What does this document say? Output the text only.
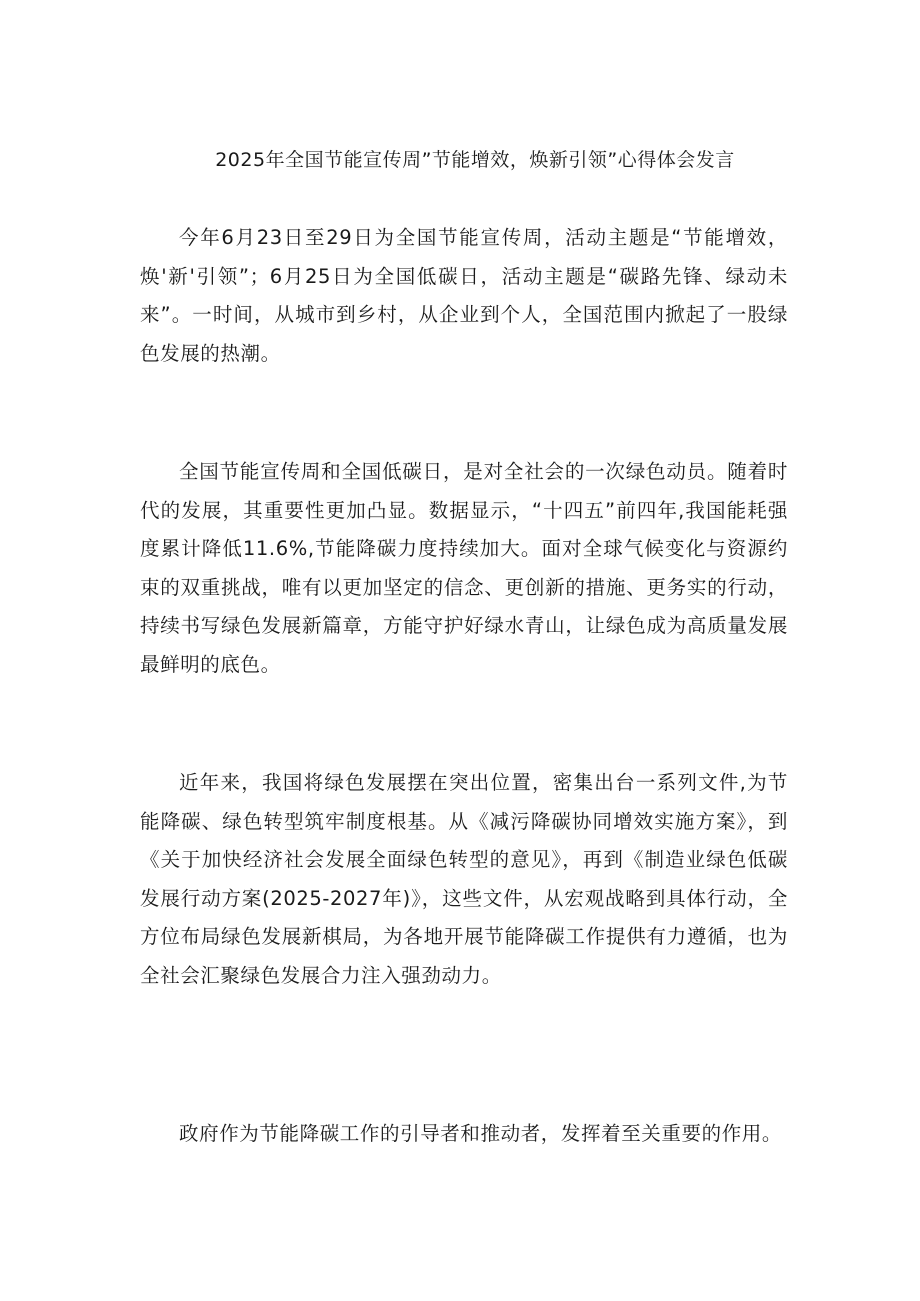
2025年全国节能宣传周”节能增效，焕新引领”心得体会发言

今年6月23日至29日为全国节能宣传周，活动主题是“节能增效，焕'新'引领”；6月25日为全国低碳日，活动主题是“碳路先锋、绿动未来”。一时间，从城市到乡村，从企业到个人，全国范围内掀起了一股绿色发展的热潮。

全国节能宣传周和全国低碳日，是对全社会的一次绿色动员。随着时代的发展，其重要性更加凸显。数据显示，“十四五”前四年,我国能耗强度累计降低11.6%,节能降碳力度持续加大。面对全球气候变化与资源约束的双重挑战，唯有以更加坚定的信念、更创新的措施、更务实的行动，持续书写绿色发展新篇章，方能守护好绿水青山，让绿色成为高质量发展最鲜明的底色。

近年来，我国将绿色发展摆在突出位置，密集出台一系列文件,为节能降碳、绿色转型筑牢制度根基。从《减污降碳协同增效实施方案》，到《关于加快经济社会发展全面绿色转型的意见》，再到《制造业绿色低碳发展行动方案(2025-2027年)》，这些文件，从宏观战略到具体行动，全方位布局绿色发展新棋局，为各地开展节能降碳工作提供有力遵循，也为全社会汇聚绿色发展合力注入强劲动力。

政府作为节能降碳工作的引导者和推动者，发挥着至关重要的作用。
